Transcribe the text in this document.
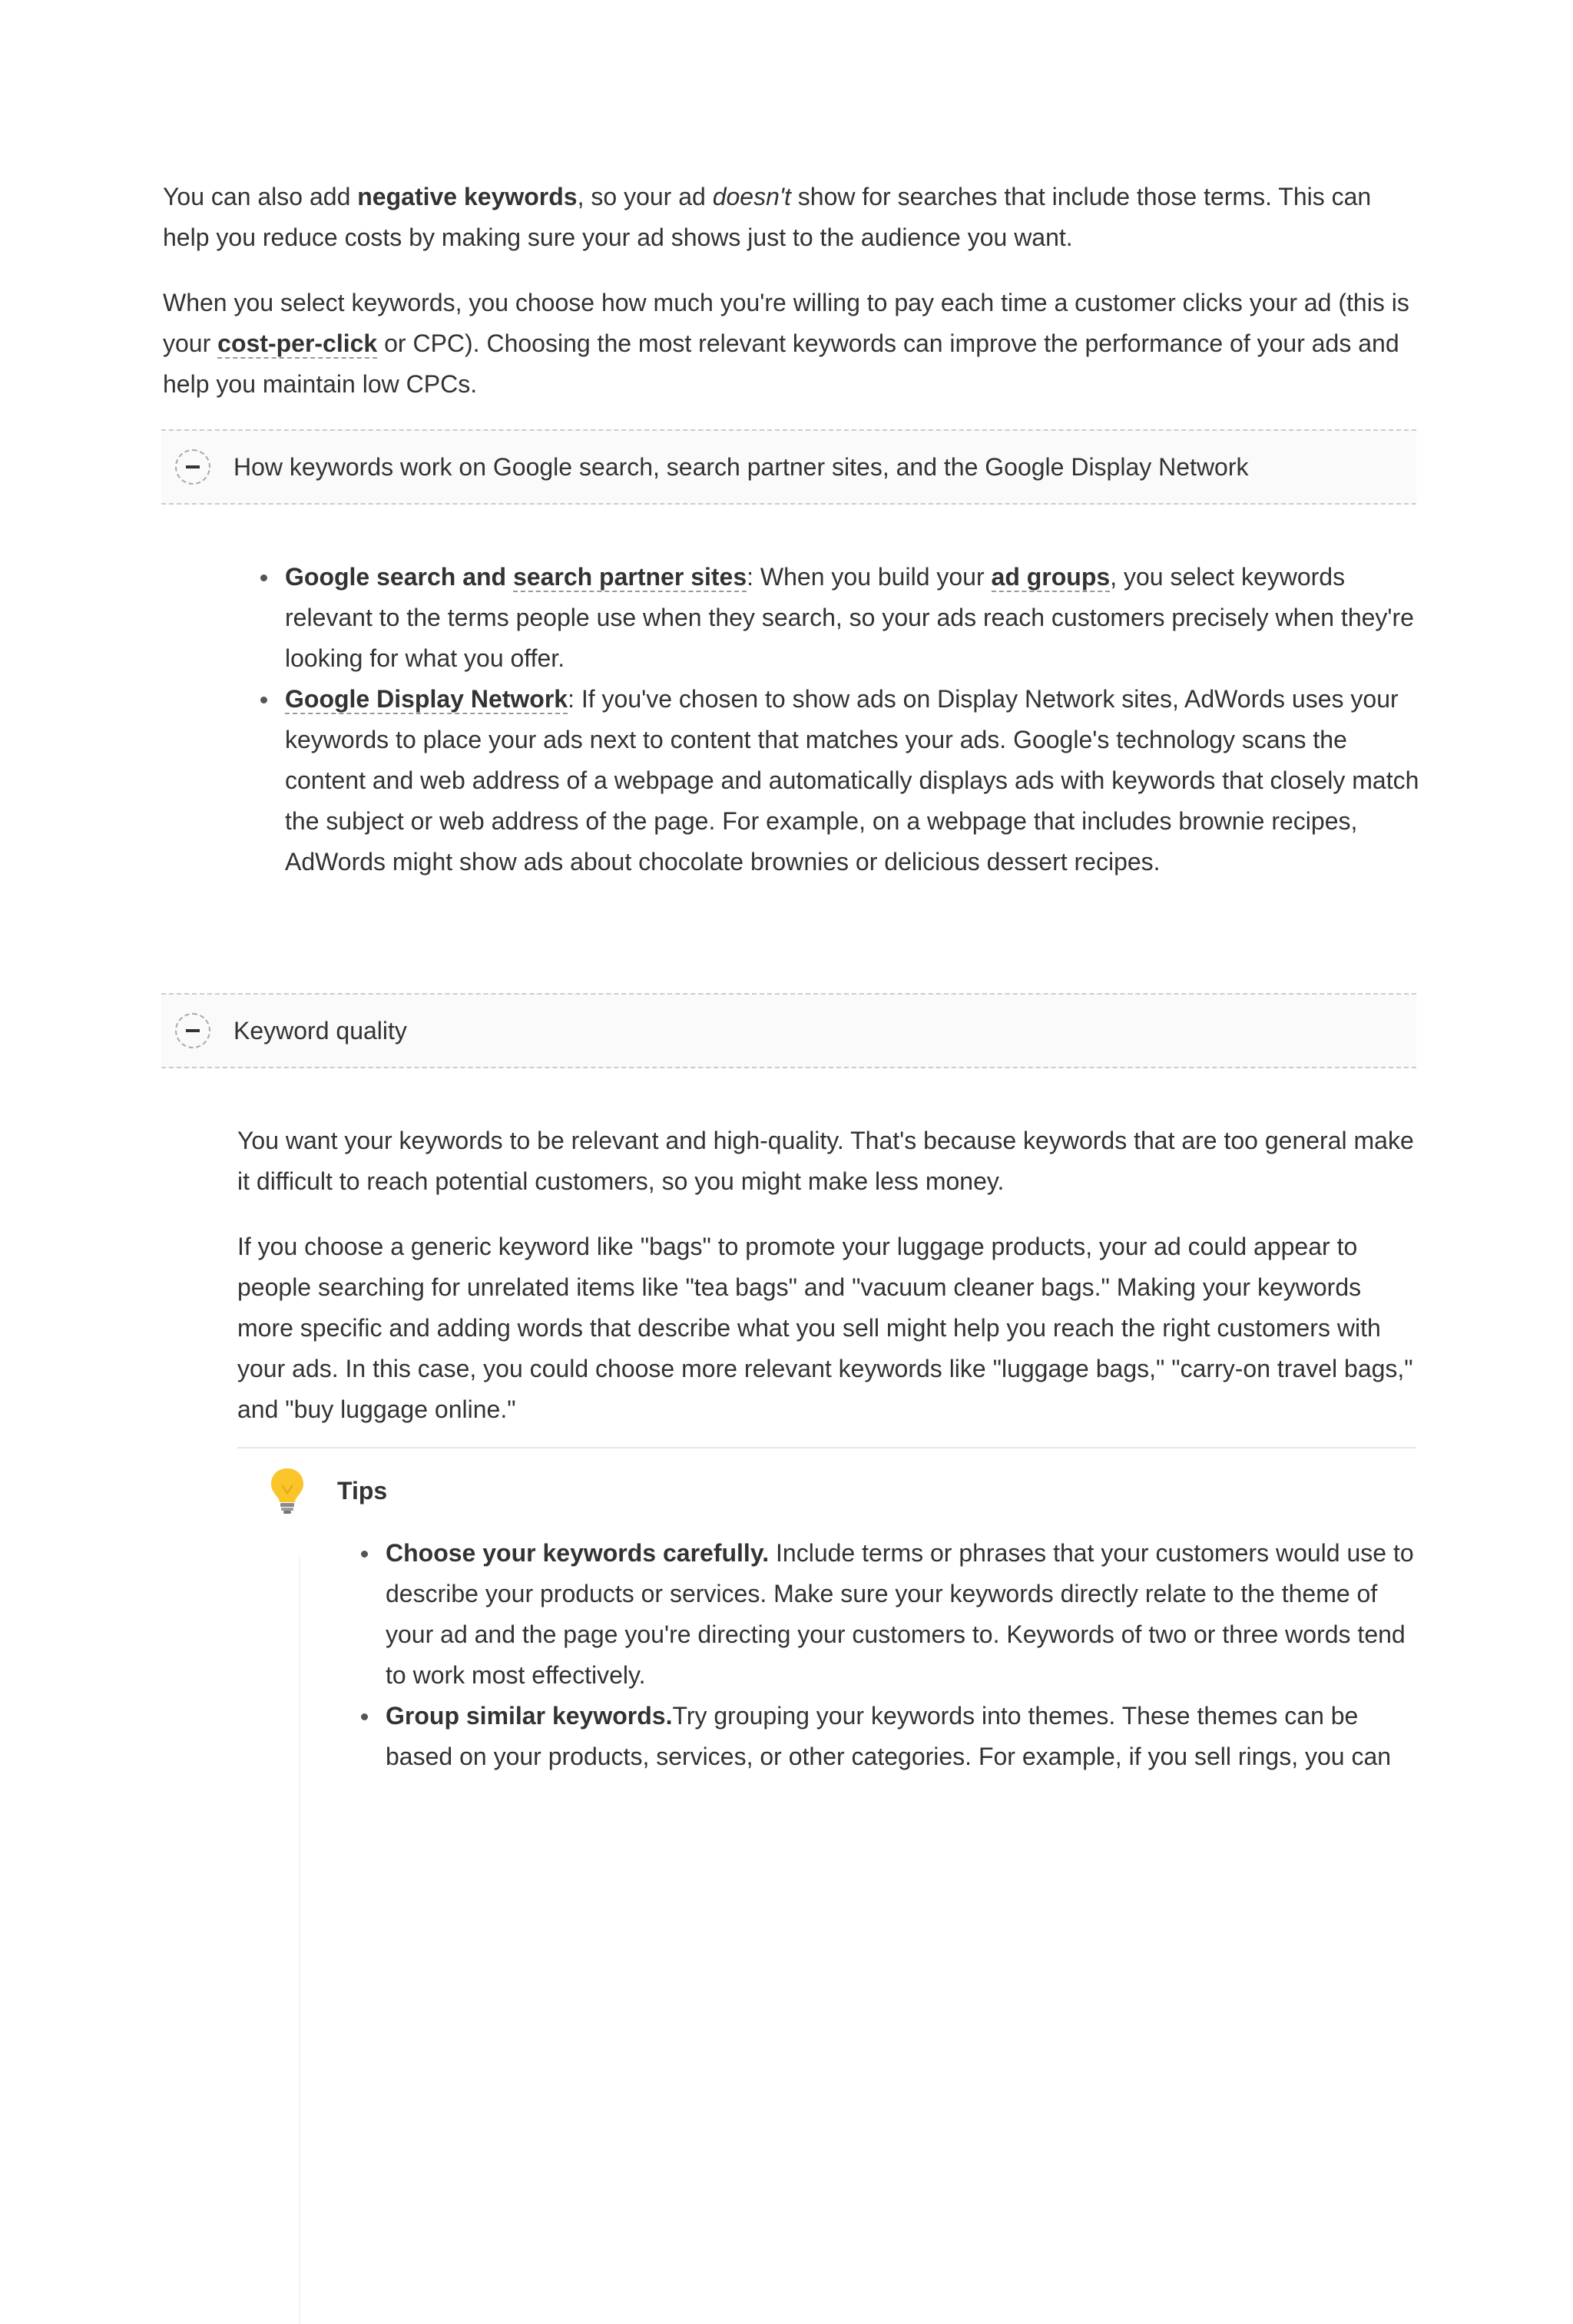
You can also add negative keywords, so your ad doesn't show for searches that include those terms. This can help you reduce costs by making sure your ad shows just to the audience you want.

When you select keywords, you choose how much you're willing to pay each time a customer clicks your ad (this is your cost-per-click or CPC). Choosing the most relevant keywords can improve the performance of your ads and help you maintain low CPCs.

How keywords work on Google search, search partner sites, and the Google Display Network
Google search and search partner sites: When you build your ad groups, you select keywords relevant to the terms people use when they search, so your ads reach customers precisely when they're looking for what you offer.
Google Display Network: If you've chosen to show ads on Display Network sites, AdWords uses your keywords to place your ads next to content that matches your ads. Google's technology scans the content and web address of a webpage and automatically displays ads with keywords that closely match the subject or web address of the page. For example, on a webpage that includes brownie recipes, AdWords might show ads about chocolate brownies or delicious dessert recipes.
Keyword quality

You want your keywords to be relevant and high-quality. That's because keywords that are too general make it difficult to reach potential customers, so you might make less money.

If you choose a generic keyword like "bags" to promote your luggage products, your ad could appear to people searching for unrelated items like "tea bags" and "vacuum cleaner bags." Making your keywords more specific and adding words that describe what you sell might help you reach the right customers with your ads. In this case, you could choose more relevant keywords like "luggage bags," "carry-on travel bags," and "buy luggage online."

Tips
Choose your keywords carefully. Include terms or phrases that your customers would use to describe your products or services. Make sure your keywords directly relate to the theme of your ad and the page you're directing your customers to. Keywords of two or three words tend to work most effectively.
Group similar keywords.Try grouping your keywords into themes. These themes can be based on your products, services, or other categories. For example, if you sell rings, you can
